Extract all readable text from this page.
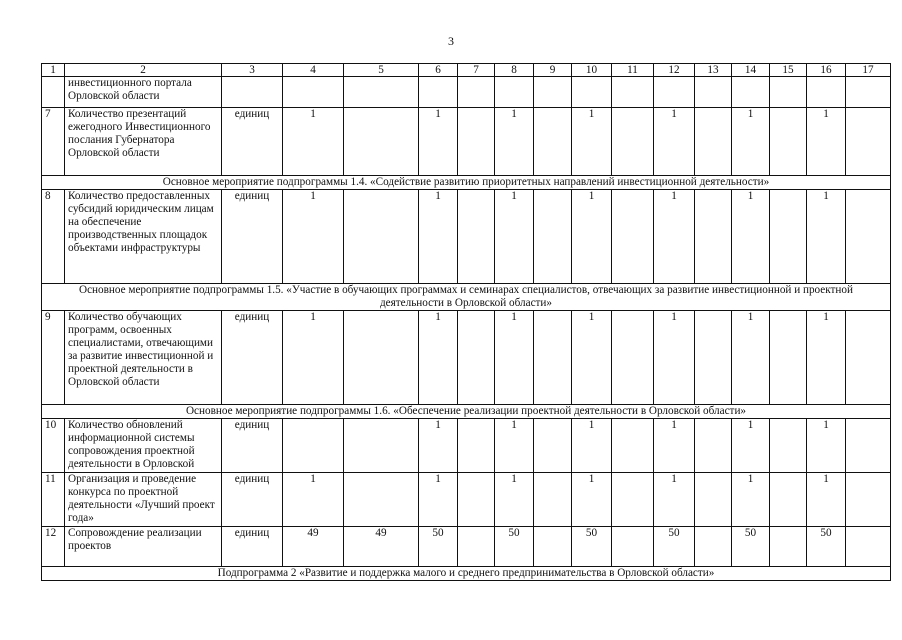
3
1	2	3	4	5	6	7	8	9	10	11	12	13	14	15	16	17
	инвестиционного портала Орловской области															
7	Количество презентаций ежегодного Инвестиционного послания Губернатора Орловской области	единиц	1		1		1		1		1		1		1	
Основное мероприятие подпрограммы 1.4. «Содействие развитию приоритетных направлений инвестиционной деятельности»																
8	Количество предоставленных субсидий юридическим лицам на обеспечение производственных площадок объектами инфраструктуры	единиц	1		1		1		1		1		1		1	
Основное мероприятие подпрограммы 1.5. «Участие в обучающих программах и семинарах специалистов, отвечающих за развитие инвестиционной и проектной деятельности в Орловской области»																
9	Количество обучающих программ, освоенных специалистами, отвечающими за развитие инвестиционной и проектной деятельности в Орловской области	единиц	1		1		1		1		1		1		1	
Основное мероприятие подпрограммы 1.6. «Обеспечение реализации проектной деятельности в Орловской области»																
10	Количество обновлений информационной системы сопровождения проектной деятельности в Орловской	единиц			1		1		1		1		1		1	
11	Организация и проведение конкурса по проектной деятельности «Лучший проект года»	единиц	1		1		1		1		1		1		1	
12	Сопровождение реализации проектов	единиц	49	49	50		50		50		50		50		50	
Подпрограмма 2 «Развитие и поддержка малого и среднего предпринимательства в Орловской области»																
